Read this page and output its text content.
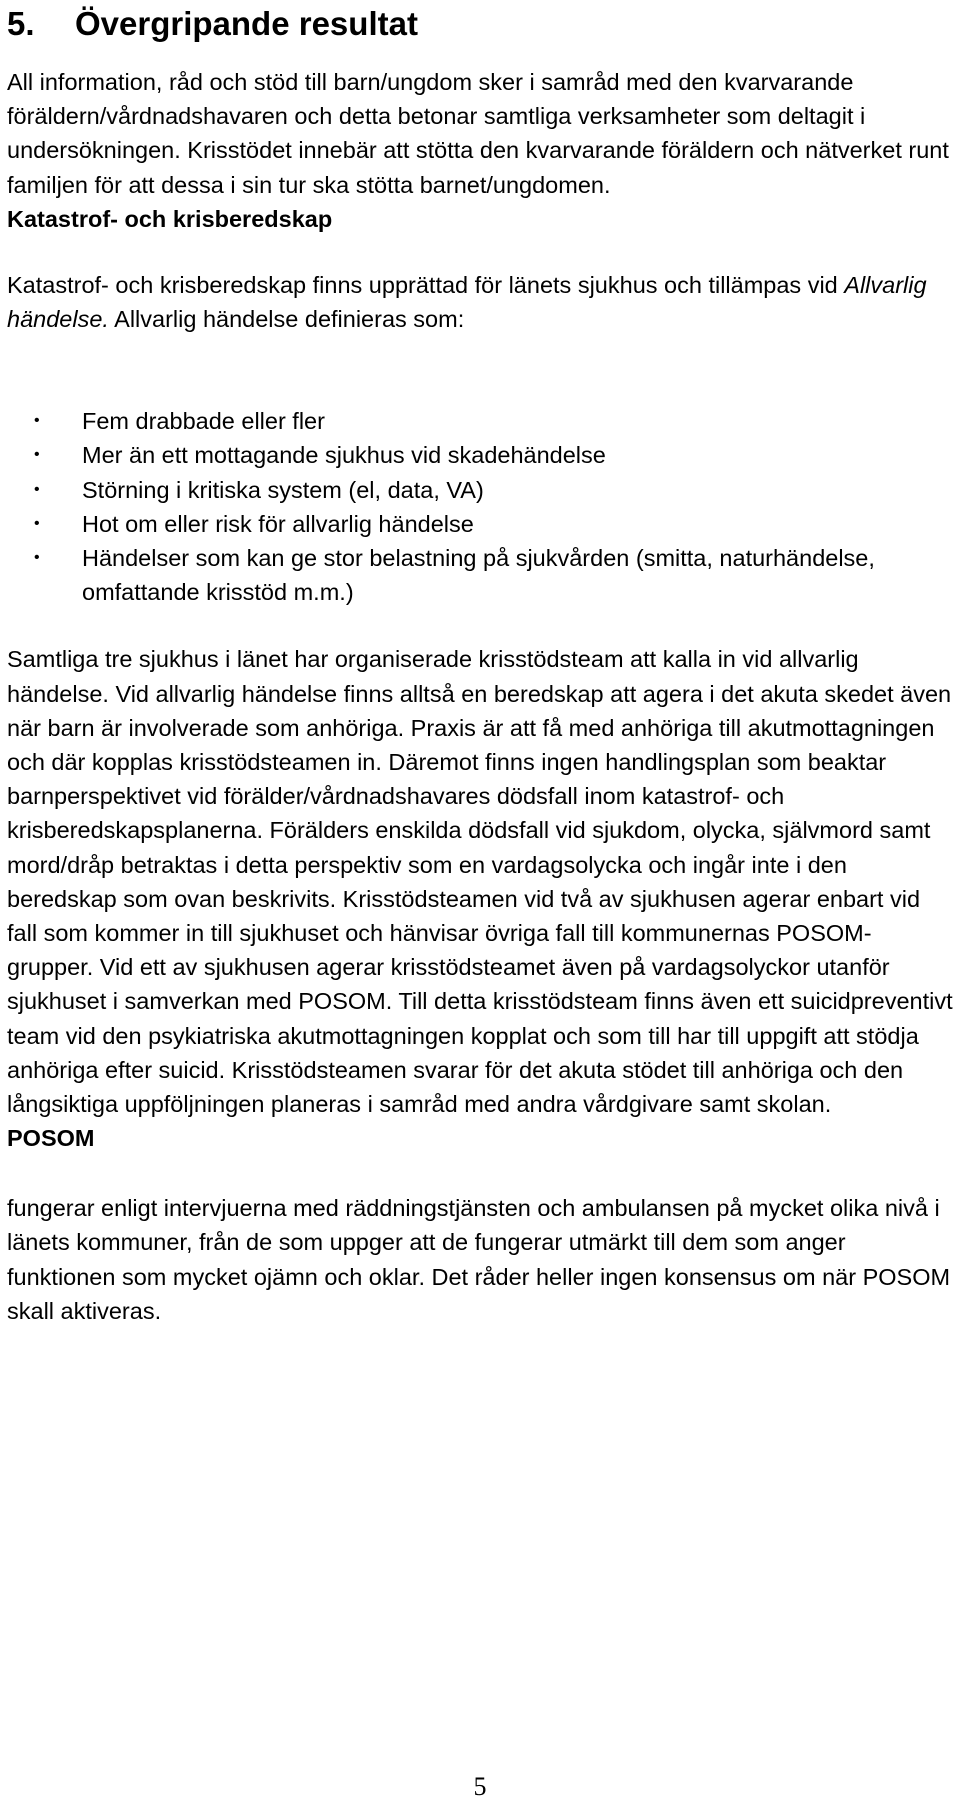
5. Övergripande resultat

All information, råd och stöd till barn/ungdom sker i samråd med den kvarvarande föräldern/vårdnadshavaren och detta betonar samtliga verksamheter som deltagit i undersökningen. Krisstödet innebär att stötta den kvarvarande föräldern och nätverket runt familjen för att dessa i sin tur ska stötta barnet/ungdomen.

Katastrof- och krisberedskap

Katastrof- och krisberedskap finns upprättad för länets sjukhus och tillämpas vid Allvarlig händelse. Allvarlig händelse definieras som:

• Fem drabbade eller fler
• Mer än ett mottagande sjukhus vid skadehändelse
• Störning i kritiska system (el, data, VA)
• Hot om eller risk för allvarlig händelse
• Händelser som kan ge stor belastning på sjukvården (smitta, naturhändelse, omfattande krisstöd m.m.)

Samtliga tre sjukhus i länet har organiserade krisstödsteam att kalla in vid allvarlig händelse. Vid allvarlig händelse finns alltså en beredskap att agera i det akuta skedet även när barn är involverade som anhöriga. Praxis är att få med anhöriga till akutmottagningen och där kopplas krisstödsteamen in. Däremot finns ingen handlingsplan som beaktar barnperspektivet vid förälder/vårdnadshavares dödsfall inom katastrof- och krisberedskapsplanerna. Förälders enskilda dödsfall vid sjukdom, olycka, självmord samt mord/dråp betraktas i detta perspektiv som en vardagsolycka och ingår inte i den beredskap som ovan beskrivits. Krisstödsteamen vid två av sjukhusen agerar enbart vid fall som kommer in till sjukhuset och hänvisar övriga fall till kommunernas POSOM-grupper. Vid ett av sjukhusen agerar krisstödsteamet även på vardagsolyckor utanför sjukhuset i samverkan med POSOM. Till detta krisstödsteam finns även ett suicidpreventivt team vid den psykiatriska akutmottagningen kopplat och som till har till uppgift att stödja anhöriga efter suicid. Krisstödsteamen svarar för det akuta stödet till anhöriga och den långsiktiga uppföljningen planeras i samråd med andra vårdgivare samt skolan.

POSOM

fungerar enligt intervjuerna med räddningstjänsten och ambulansen på mycket olika nivå i länets kommuner, från de som uppger att de fungerar utmärkt till dem som anger funktionen som mycket ojämn och oklar. Det råder heller ingen konsensus om när POSOM skall aktiveras.

5
